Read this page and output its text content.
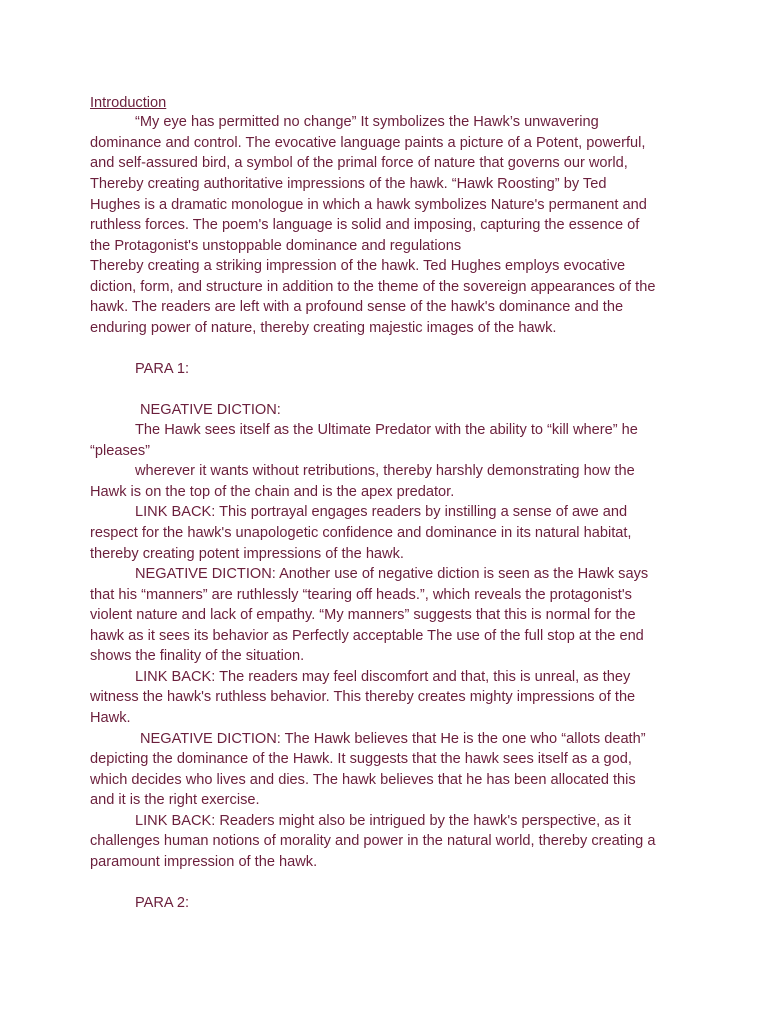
Introduction
“My eye has permitted no change” It symbolizes the Hawk’s unwavering
dominance and control. The evocative language paints a picture of a Potent, powerful,
and self-assured bird, a symbol of the primal force of nature that governs our world,
Thereby creating authoritative impressions of the hawk. “Hawk Roosting” by Ted
Hughes is a dramatic monologue in which a hawk symbolizes Nature's permanent and
ruthless forces. The poem's language is solid and imposing, capturing the essence of
the Protagonist's unstoppable dominance and regulations
Thereby creating a striking impression of the hawk. Ted Hughes employs evocative
diction, form, and structure in addition to the theme of the sovereign appearances of the
hawk. The readers are left with a profound sense of the hawk's dominance and the
enduring power of nature, thereby creating majestic images of the hawk.
PARA 1:
NEGATIVE DICTION:
The Hawk sees itself as the Ultimate Predator with the ability to “kill where” he
“pleases”
wherever it wants without retributions, thereby harshly demonstrating how the
Hawk is on the top of the chain and is the apex predator.
LINK BACK: This portrayal engages readers by instilling a sense of awe and
respect for the hawk's unapologetic confidence and dominance in its natural habitat,
thereby creating potent impressions of the hawk.
NEGATIVE DICTION: Another use of negative diction is seen as the Hawk says
that his “manners” are ruthlessly “tearing off heads.”, which reveals the protagonist's
violent nature and lack of empathy. “My manners” suggests that this is normal for the
hawk as it sees its behavior as Perfectly acceptable The use of the full stop at the end
shows the finality of the situation.
LINK BACK: The readers may feel discomfort and that, this is unreal, as they
witness the hawk's ruthless behavior. This thereby creates mighty impressions of the
Hawk.
NEGATIVE DICTION: The Hawk believes that He is the one who “allots death”
depicting the dominance of the Hawk. It suggests that the hawk sees itself as a god,
which decides who lives and dies. The hawk believes that he has been allocated this
and it is the right exercise.
LINK BACK: Readers might also be intrigued by the hawk's perspective, as it
challenges human notions of morality and power in the natural world, thereby creating a
paramount impression of the hawk.
PARA 2:
